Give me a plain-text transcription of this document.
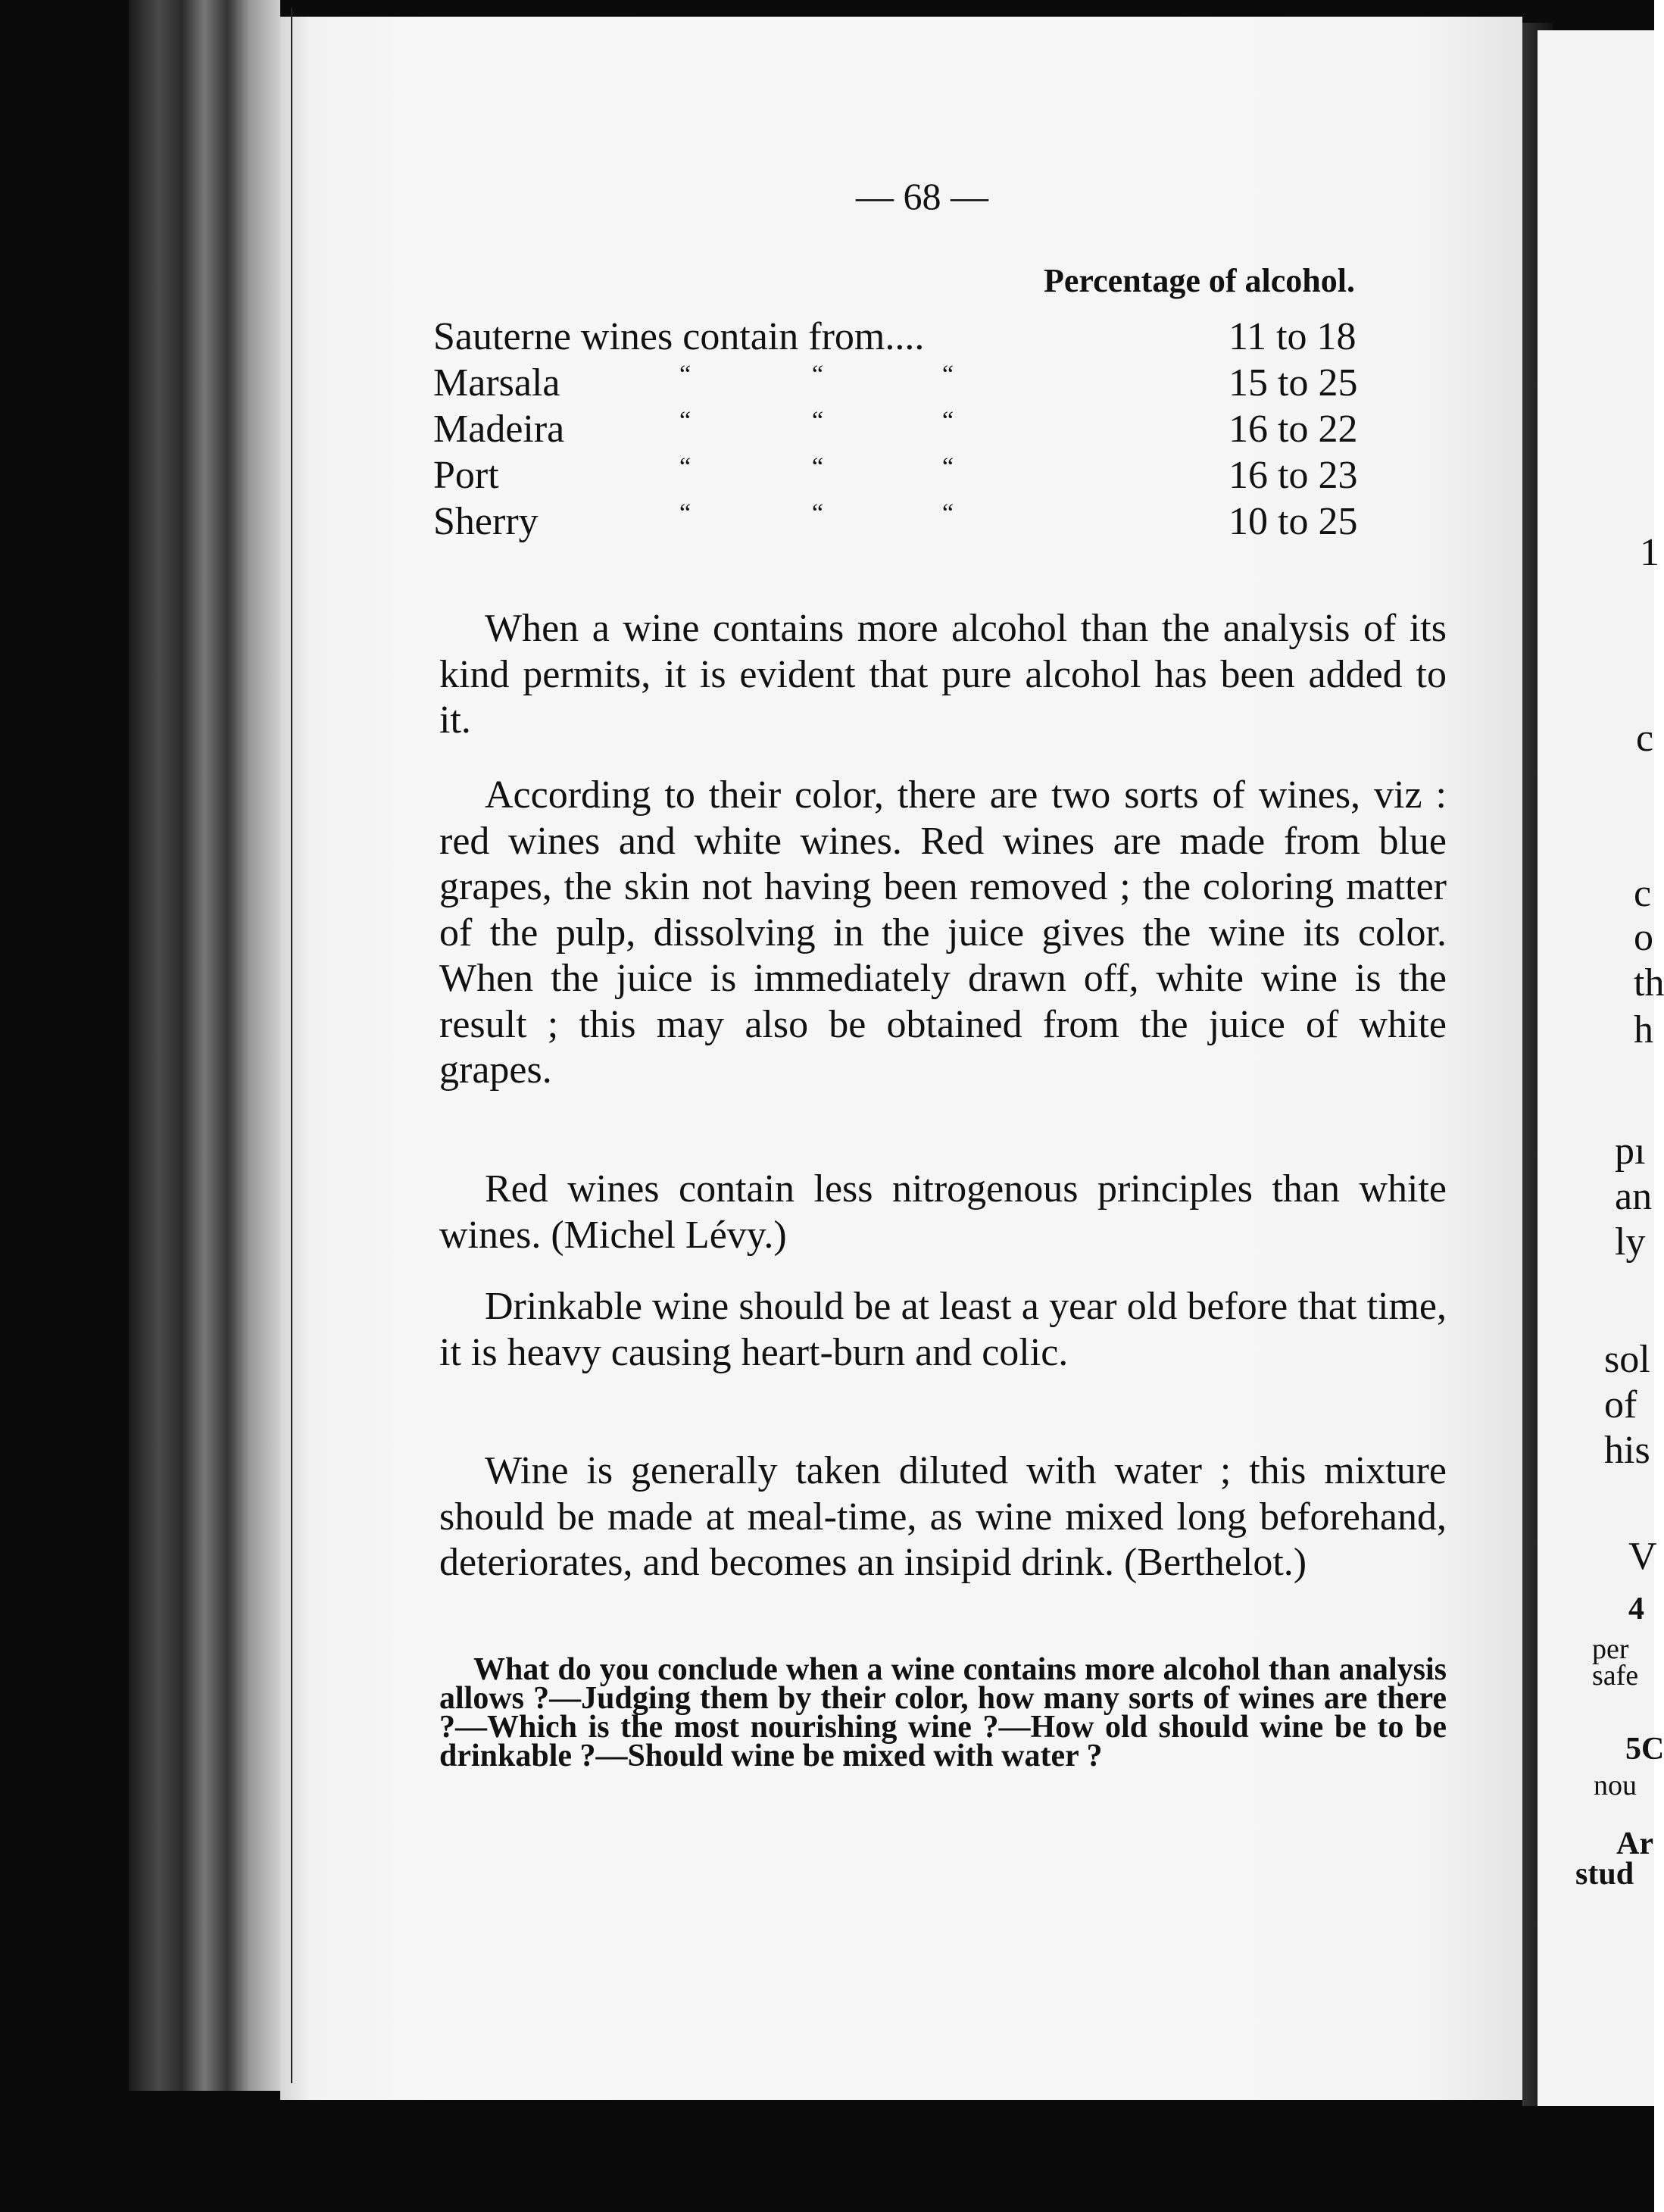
1
c
c
o
th
h
pı
an
ly
sol
of
his
V
4
per
safe
5C
nou
Ar
stud
— 68 —
Percentage of alcohol.
Sauterne wines contain from....	11 to 18
Marsala	“	“	“	15 to 25
Madeira	“	“	“	16 to 22
Port	“	“	“	16 to 23
Sherry	“	“	“	10 to 25

When a wine contains more alcohol than the analysis of its kind permits, it is evident that pure alcohol has been added to it.

According to their color, there are two sorts of wines, viz : red wines and white wines. Red wines are made from blue grapes, the skin not having been removed ; the coloring matter of the pulp, dissolving in the juice gives the wine its color. When the juice is immediately drawn off, white wine is the result ; this may also be obtained from the juice of white grapes.

Red wines contain less nitrogenous principles than white wines. (Michel Lévy.)

Drinkable wine should be at least a year old before that time, it is heavy causing heart-burn and colic.

Wine is generally taken diluted with water ; this mixture should be made at meal-time, as wine mixed long beforehand, deteriorates, and becomes an insipid drink. (Berthelot.)

What do you conclude when a wine contains more alcohol than analysis allows ?—Judging them by their color, how many sorts of wines are there ?—Which is the most nourishing wine ?—How old should wine be to be drinkable ?—Should wine be mixed with water ?
